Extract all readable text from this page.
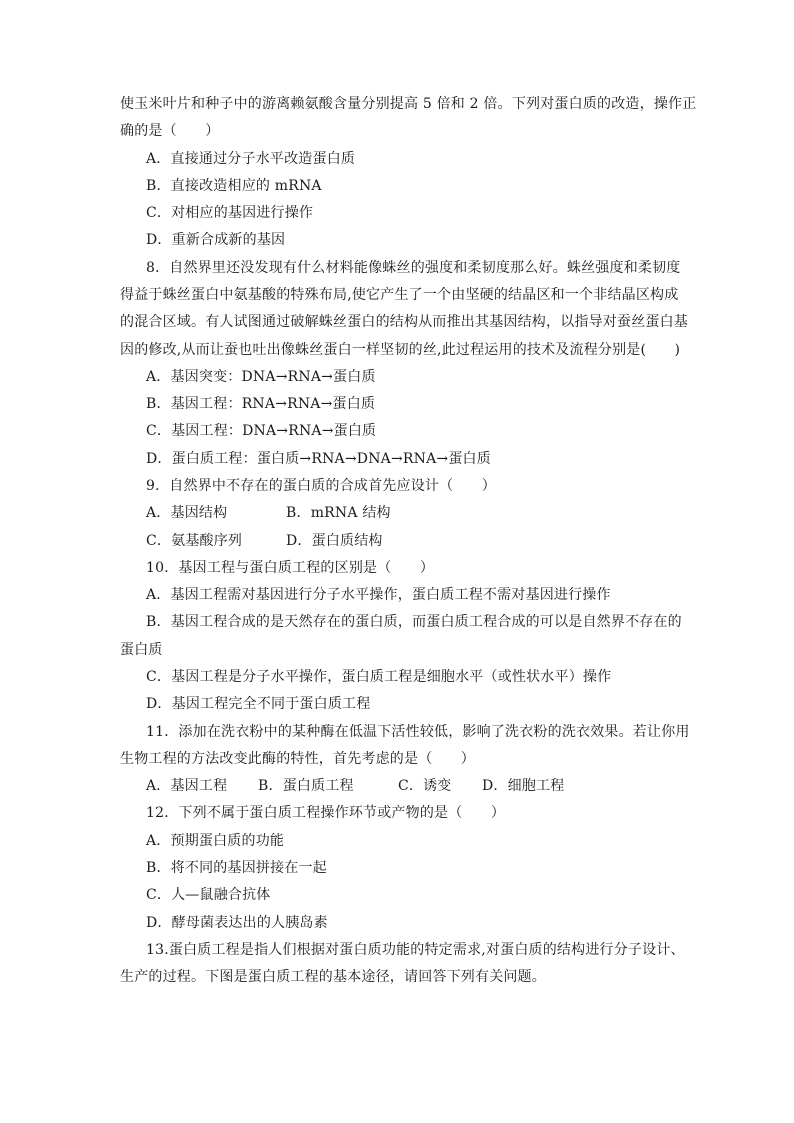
使玉米叶片和种子中的游离赖氨酸含量分别提高 5 倍和 2 倍。下列对蛋白质的改造，操作正
确的是（　　）
A．直接通过分子水平改造蛋白质
B．直接改造相应的 mRNA
C．对相应的基因进行操作
D．重新合成新的基因
8．自然界里还没发现有什么材料能像蛛丝的强度和柔韧度那么好。蛛丝强度和柔韧度
得益于蛛丝蛋白中氨基酸的特殊布局,使它产生了一个由坚硬的结晶区和一个非结晶区构成
的混合区域。有人试图通过破解蛛丝蛋白的结构从而推出其基因结构，以指导对蚕丝蛋白基
因的修改,从而让蚕也吐出像蛛丝蛋白一样坚韧的丝,此过程运用的技术及流程分别是(　　)
A．基因突变：DNA→RNA→蛋白质
B．基因工程：RNA→RNA→蛋白质
C．基因工程：DNA→RNA→蛋白质
D．蛋白质工程：蛋白质→RNA→DNA→RNA→蛋白质
9．自然界中不存在的蛋白质的合成首先应设计（　　）
A．基因结构	B．mRNA 结构
C．氨基酸序列	D．蛋白质结构
10．基因工程与蛋白质工程的区别是（　　）
A．基因工程需对基因进行分子水平操作，蛋白质工程不需对基因进行操作
B．基因工程合成的是天然存在的蛋白质，而蛋白质工程合成的可以是自然界不存在的
蛋白质
C．基因工程是分子水平操作，蛋白质工程是细胞水平（或性状水平）操作
D．基因工程完全不同于蛋白质工程
11．添加在洗衣粉中的某种酶在低温下活性较低，影响了洗衣粉的洗衣效果。若让你用
生物工程的方法改变此酶的特性，首先考虑的是（　　）
A．基因工程 B．蛋白质工程	C．诱变 D．细胞工程
12．下列不属于蛋白质工程操作环节或产物的是（　　）
A．预期蛋白质的功能
B．将不同的基因拼接在一起
C．人—鼠融合抗体
D．酵母菌表达出的人胰岛素
13.蛋白质工程是指人们根据对蛋白质功能的特定需求,对蛋白质的结构进行分子设计、
生产的过程。下图是蛋白质工程的基本途径，请回答下列有关问题。
